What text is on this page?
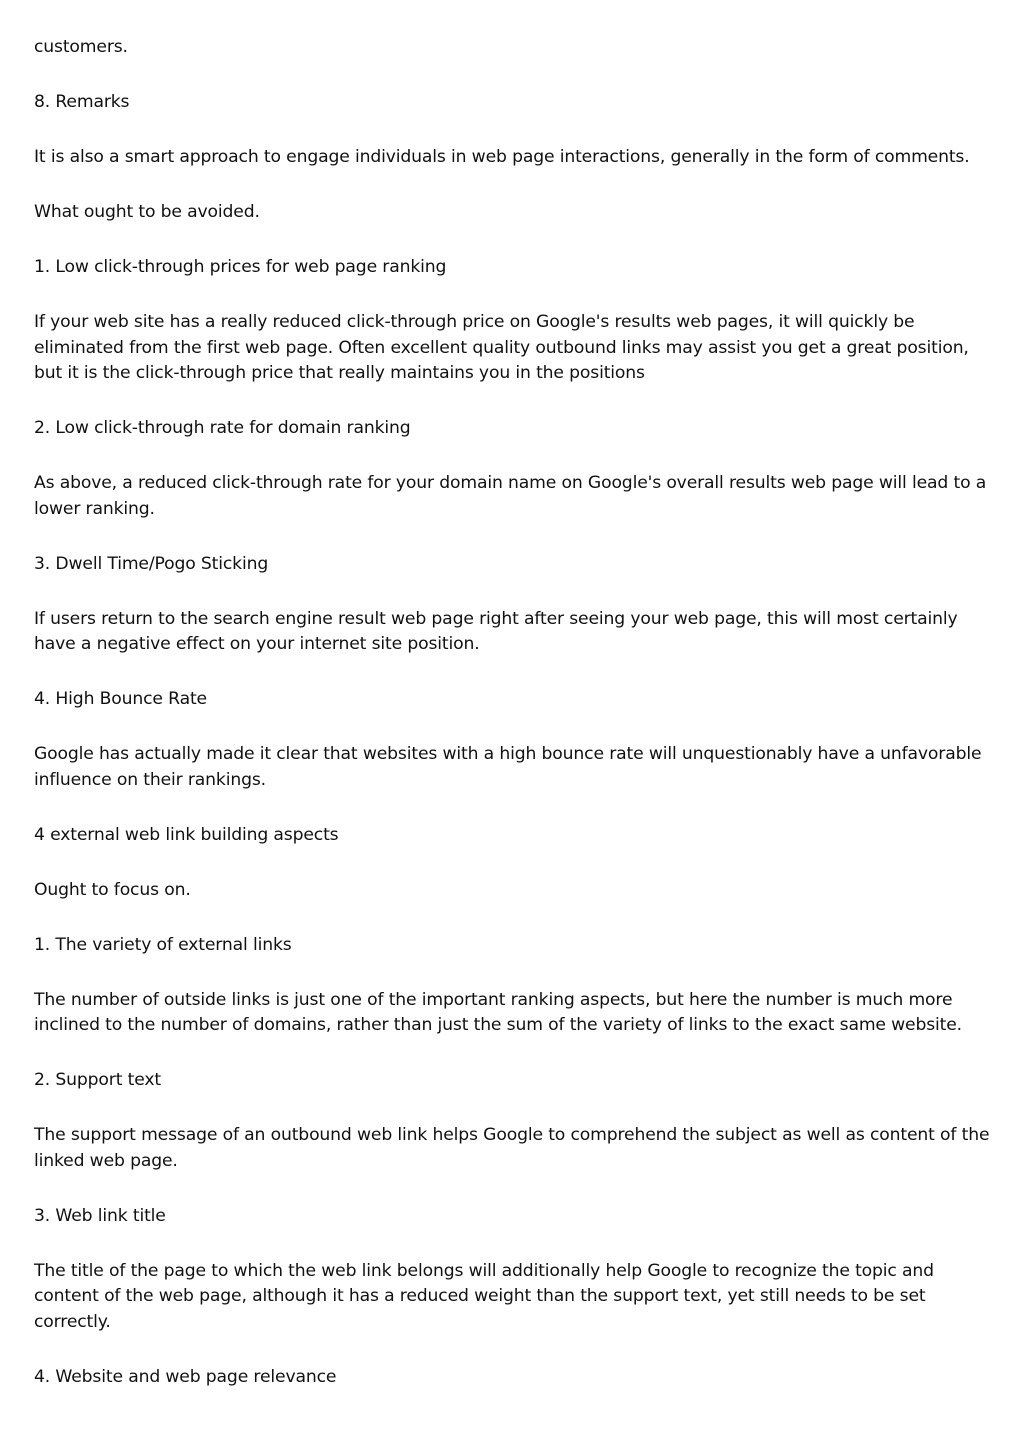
customers.

8. Remarks

It is also a smart approach to engage individuals in web page interactions, generally in the form of comments.

What ought to be avoided.

1. Low click-through prices for web page ranking

If your web site has a really reduced click-through price on Google's results web pages, it will quickly be eliminated from the first web page. Often excellent quality outbound links may assist you get a great position, but it is the click-through price that really maintains you in the positions

2. Low click-through rate for domain ranking

As above, a reduced click-through rate for your domain name on Google's overall results web page will lead to a lower ranking.

3. Dwell Time/Pogo Sticking

If users return to the search engine result web page right after seeing your web page, this will most certainly have a negative effect on your internet site position.

4. High Bounce Rate

Google has actually made it clear that websites with a high bounce rate will unquestionably have a unfavorable influence on their rankings.

4 external web link building aspects

Ought to focus on.

1. The variety of external links

The number of outside links is just one of the important ranking aspects, but here the number is much more inclined to the number of domains, rather than just the sum of the variety of links to the exact same website.

2. Support text

The support message of an outbound web link helps Google to comprehend the subject as well as content of the linked web page.

3. Web link title

The title of the page to which the web link belongs will additionally help Google to recognize the topic and content of the web page, although it has a reduced weight than the support text, yet still needs to be set correctly.

4. Website and web page relevance
